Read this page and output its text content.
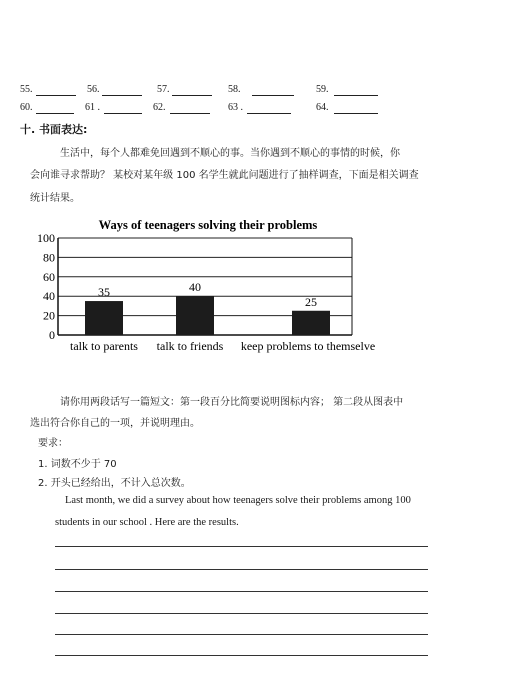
55.	56.	57.	58.	59.
60.	61 .	62.	63 .	64.
十. 书面表达:
生活中，每个人都难免回遇到不顺心的事。当你遇到不顺心的事情的时候，你
会向谁寻求帮助？ 某校对某年级 100 名学生就此问题进行了抽样调查，下面是相关调查
统计结果。
Ways of teenagers solving their problems
0
20
40
60
80
100
35	40
25
talk to parents talk to friends keep problems to themselve
请你用两段话写一篇短文：第一段百分比简要说明图标内容； 第二段从图表中
选出符合你自己的一项，并说明理由。
要求：
1. 词数不少于 70
2. 开头已经给出，不计入总次数。
Last month, we did a survey about how teenagers solve their problems among 100
students in our school . Here are the results.
